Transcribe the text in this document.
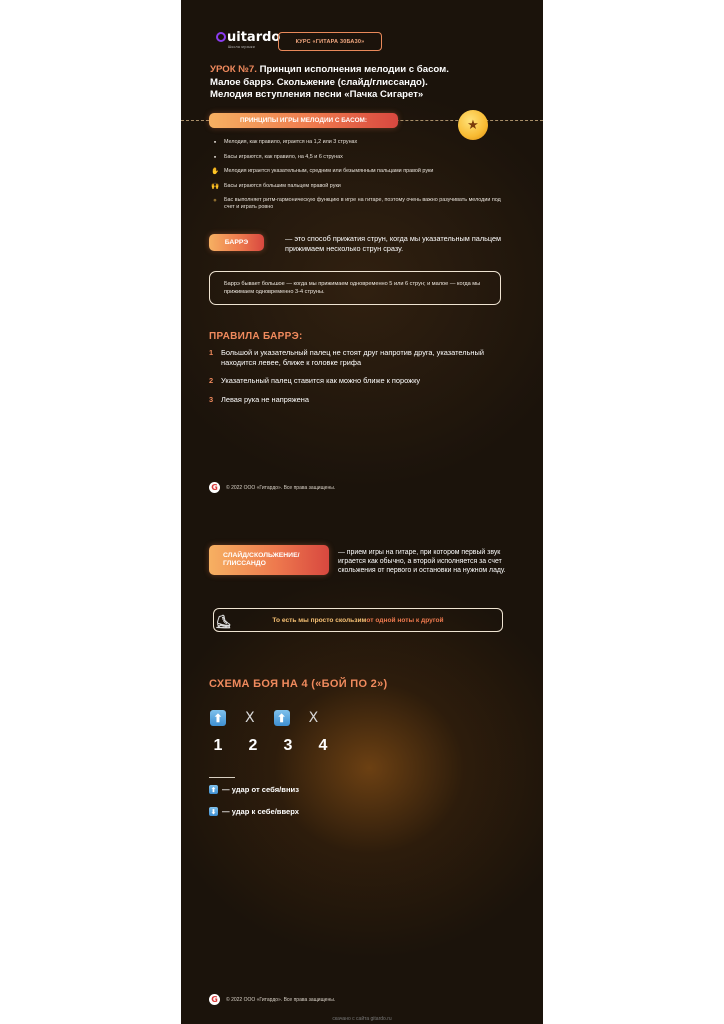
uitardo
Школа музыки
КУРС «ГИТАРА 30БА30»
УРОК №7. Принцип исполнения мелодии с басом.
Малое баррэ. Скольжение (слайд/глиссандо).
Мелодия вступления песни «Пачка Сигарет»
ПРИНЦИПЫ ИГРЫ МЕЛОДИИ С БАСОМ:	★
▪	Мелодия, как правило, играется на 1,2 или 3 струнах
▪	Басы играются, как правило, на 4,5 и 6 струнах
✋ Мелодия играется указательным, средним или безымянным пальцами правой руки
🙌 Басы играются большим пальцем правой руки
●	Бас выполняет ритм-гармоническую функцию в игре на гитаре, поэтому очень важно разучивать мелодии под счет и играть ровно
БАРРЭ	— это способ прижатия струн, когда мы указательным пальцем прижимаем несколько струн сразу.
Баррэ бывает большое — когда мы прижимаем одновременно 5 или 6 струн; и малое — когда мы прижимаем одновременно 3-4 струны.
ПРАВИЛА БАРРЭ:
1 Большой и указательный палец не стоят друг напротив друга, указательный находится левее, ближе к головке грифа
2 Указательный палец ставится как можно ближе к порожку
3 Левая рука не напряжена
G	© 2022 ООО «Гитардо». Все права защищены.
СЛАЙД/СКОЛЬЖЕНИЕ/ ГЛИССАНДО
— прием игры на гитаре, при котором первый звук играется как обычно, а второй исполняется за счет скольжения от первого и остановки на нужном ладу.
⛸	То есть мы просто скользим от одной ноты к другой
СХЕМА БОЯ НА 4 («БОЙ ПО 2»)
⬆ X	⬆ X
1 2 3 4
⬆ — удар от себя/вниз
⬇ — удар к себе/вверх
G	© 2022 ООО «Гитардо». Все права защищены.
скачано с сайта gitardo.ru
